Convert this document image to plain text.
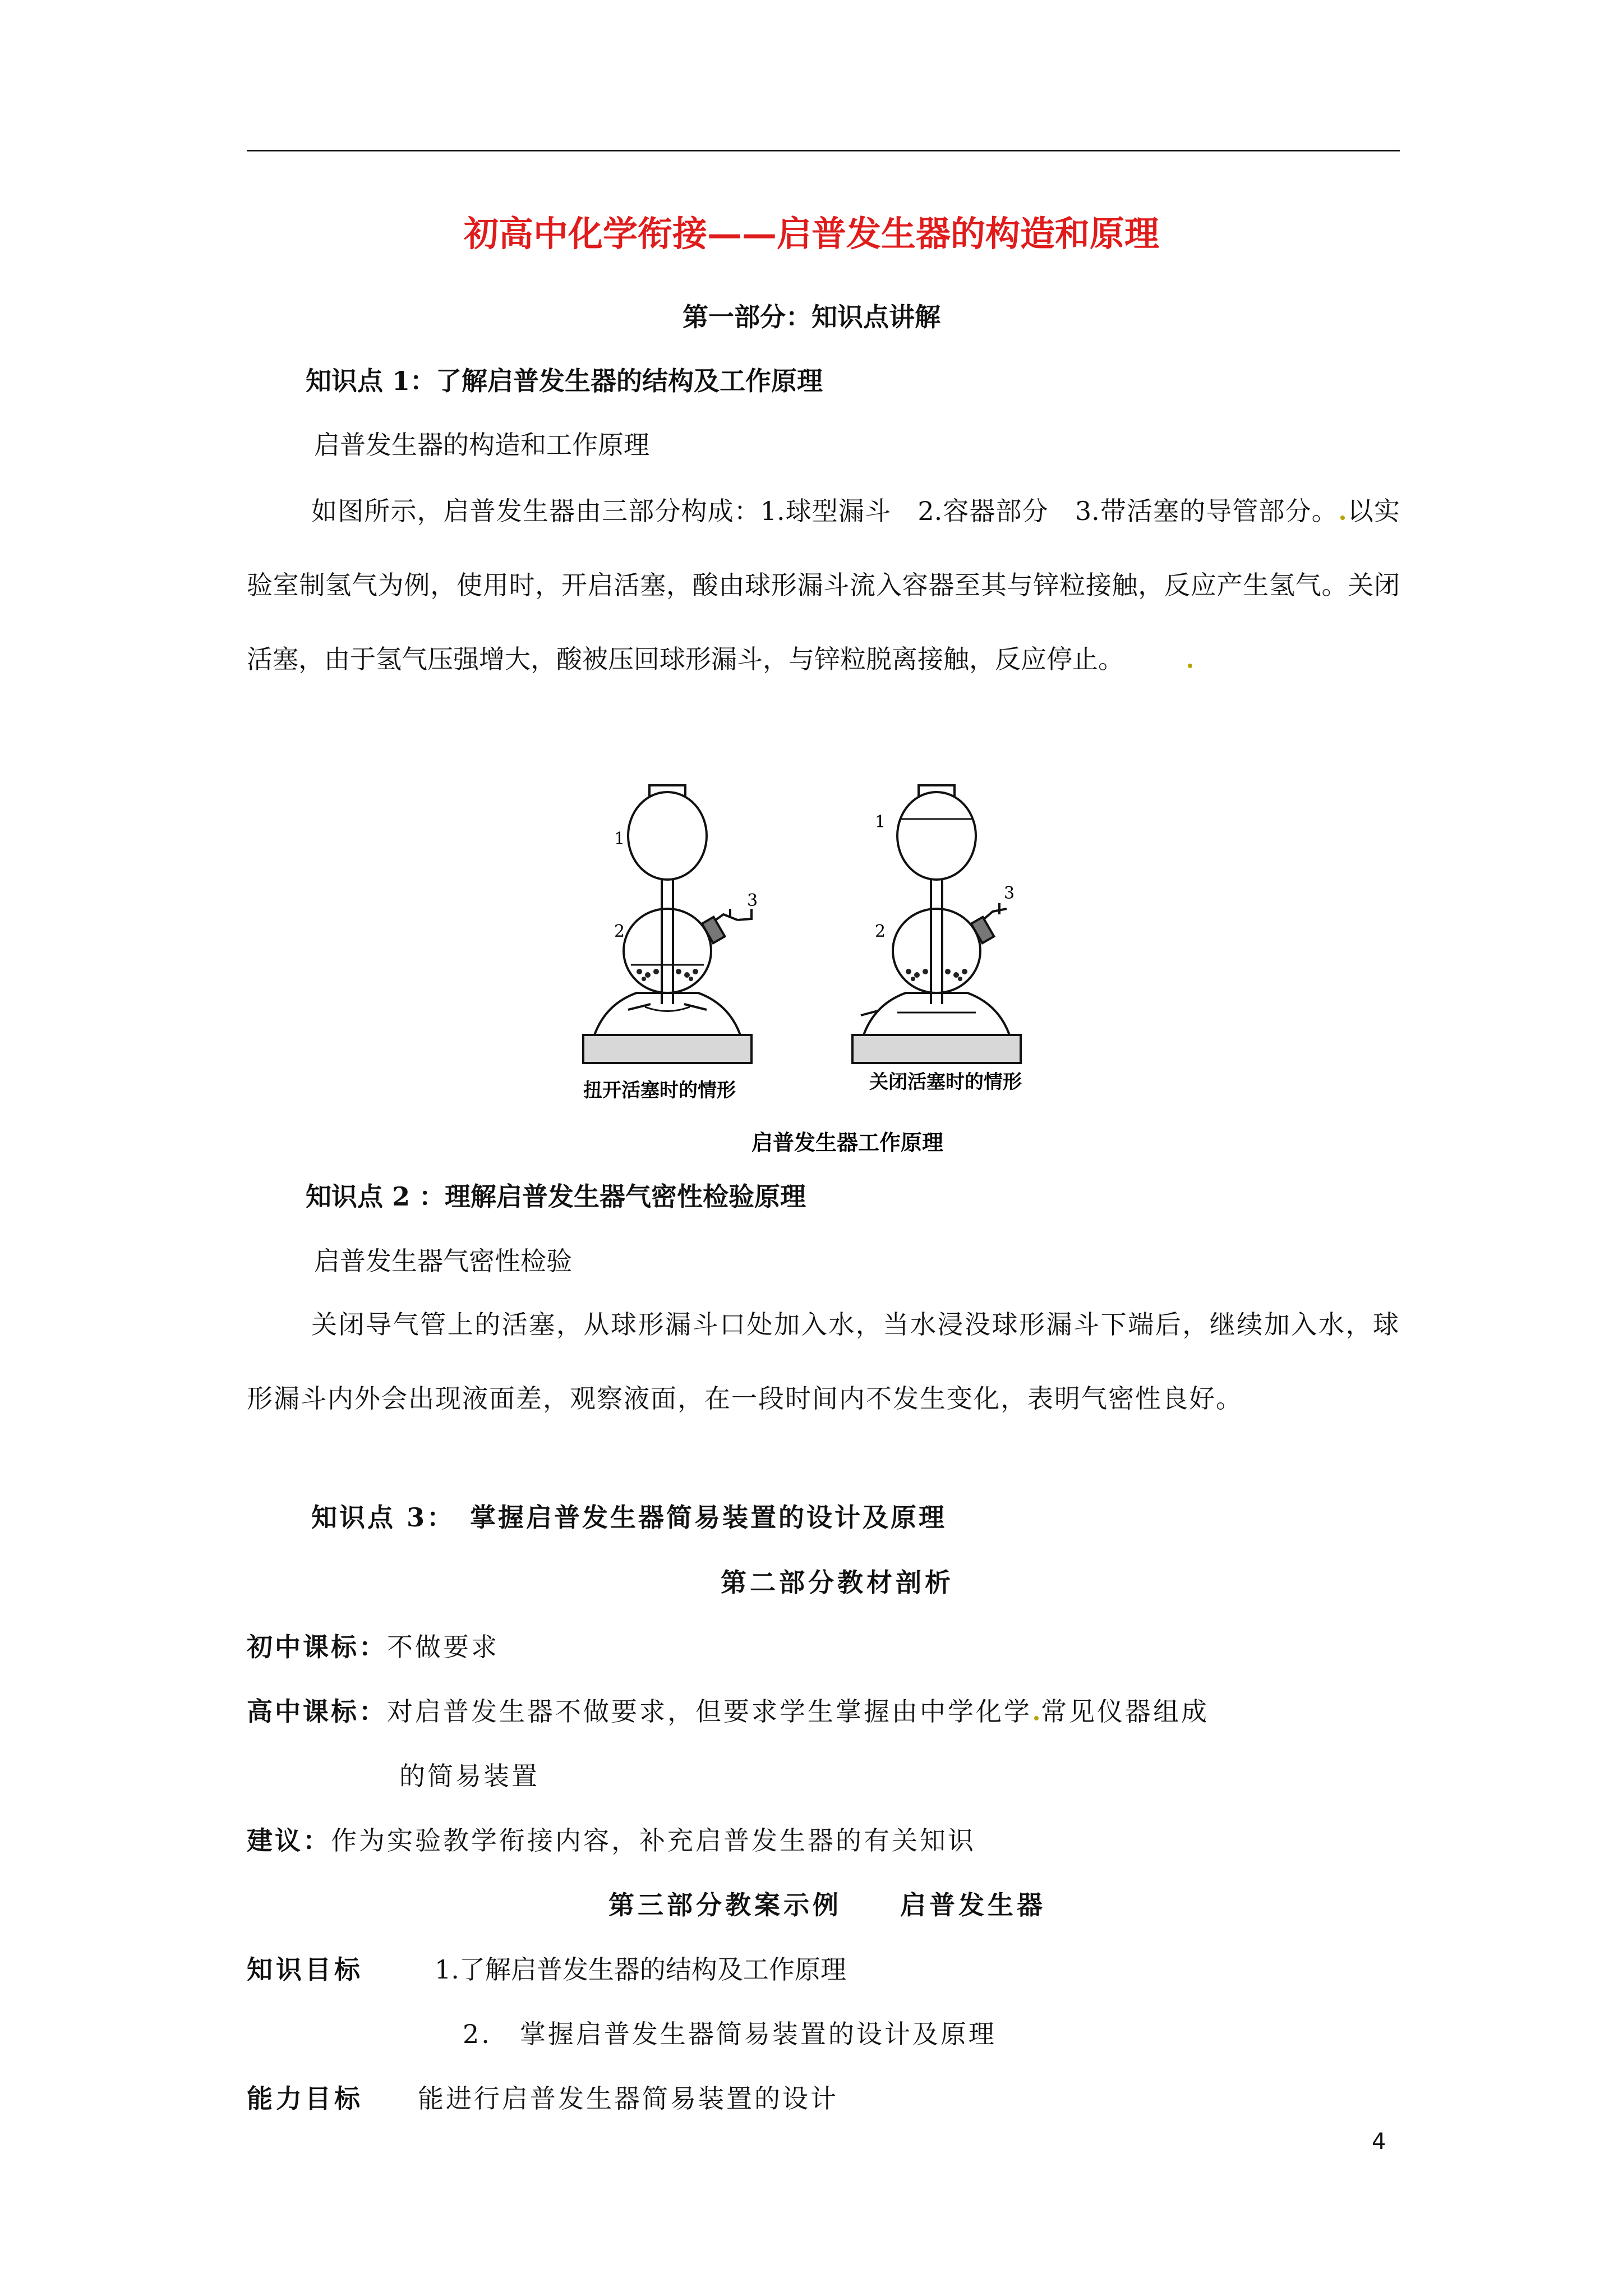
初高中化学衔接——启普发生器的构造和原理
第一部分：知识点讲解
知识点 1：了解启普发生器的结构及工作原理
启普发生器的构造和工作原理
如图所示，启普发生器由三部分构成：1.球型漏斗　2.容器部分　3.带活塞的导管部分。 以实验室制氢气为例，使用时，开启活塞，酸由球形漏斗流入容器至其与锌粒接触，反应产生氢气。关闭活塞，由于氢气压强增大，酸被压回球形漏斗，与锌粒脱离接触，反应停止。
1
2
3
1
2
3
扭开活塞时的情形	关闭活塞时的情形
启普发生器工作原理
知识点 2 ：理解启普发生器气密性检验原理
启普发生器气密性检验
关闭导气管上的活塞，从球形漏斗口处加入水，当水浸没球形漏斗下端后，继续加入水，球形漏斗内外会出现液面差，观察液面，在一段时间内不发生变化，表明气密性良好。
知识点 3：　掌握启普发生器简易装置的设计及原理
第二部分教材剖析
初中课标：不做要求
高中课标：对启普发生器不做要求，但要求学生掌握由中学化学 常见仪器组成
的简易装置
建议：作为实验教学衔接内容，补充启普发生器的有关知识
第三部分教案示例　　启普发生器
知识目标	1.了解启普发生器的结构及工作原理
2.　掌握启普发生器简易装置的设计及原理
能力目标 能进行启普发生器简易装置的设计
4
